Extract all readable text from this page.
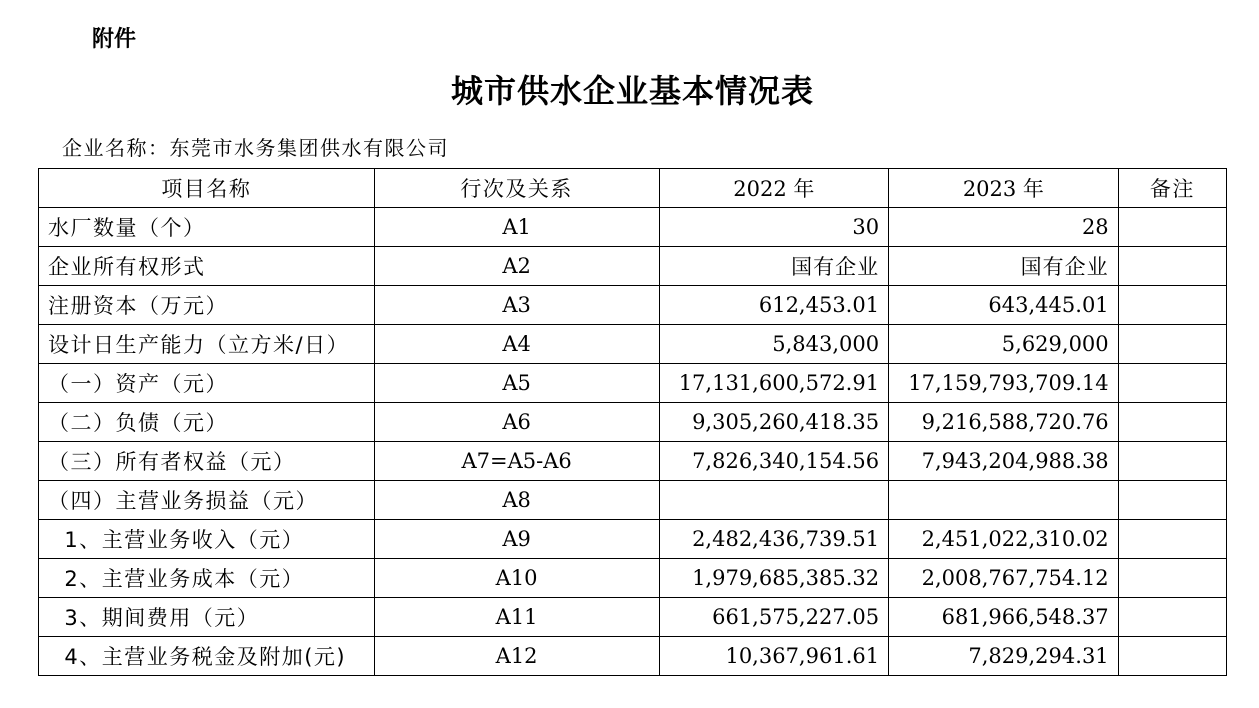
附件
城市供水企业基本情况表
企业名称：东莞市水务集团供水有限公司
项目名称	行次及关系	2022 年	2023 年	备注
水厂数量（个）	A1	30	28	
企业所有权形式	A2	国有企业	国有企业	
注册资本（万元）	A3	612,453.01	643,445.01	
设计日生产能力（立方米/日）	A4	5,843,000	5,629,000	
（一）资产（元）	A5	17,131,600,572.91	17,159,793,709.14	
（二）负债（元）	A6	9,305,260,418.35	9,216,588,720.76	
（三）所有者权益（元）	A7=A5-A6	7,826,340,154.56	7,943,204,988.38	
（四）主营业务损益（元）	A8			
1、主营业务收入（元）	A9	2,482,436,739.51	2,451,022,310.02	
2、主营业务成本（元）	A10	1,979,685,385.32	2,008,767,754.12	
3、期间费用（元）	A11	661,575,227.05	681,966,548.37	
4、主营业务税金及附加(元)	A12	10,367,961.61	7,829,294.31	
